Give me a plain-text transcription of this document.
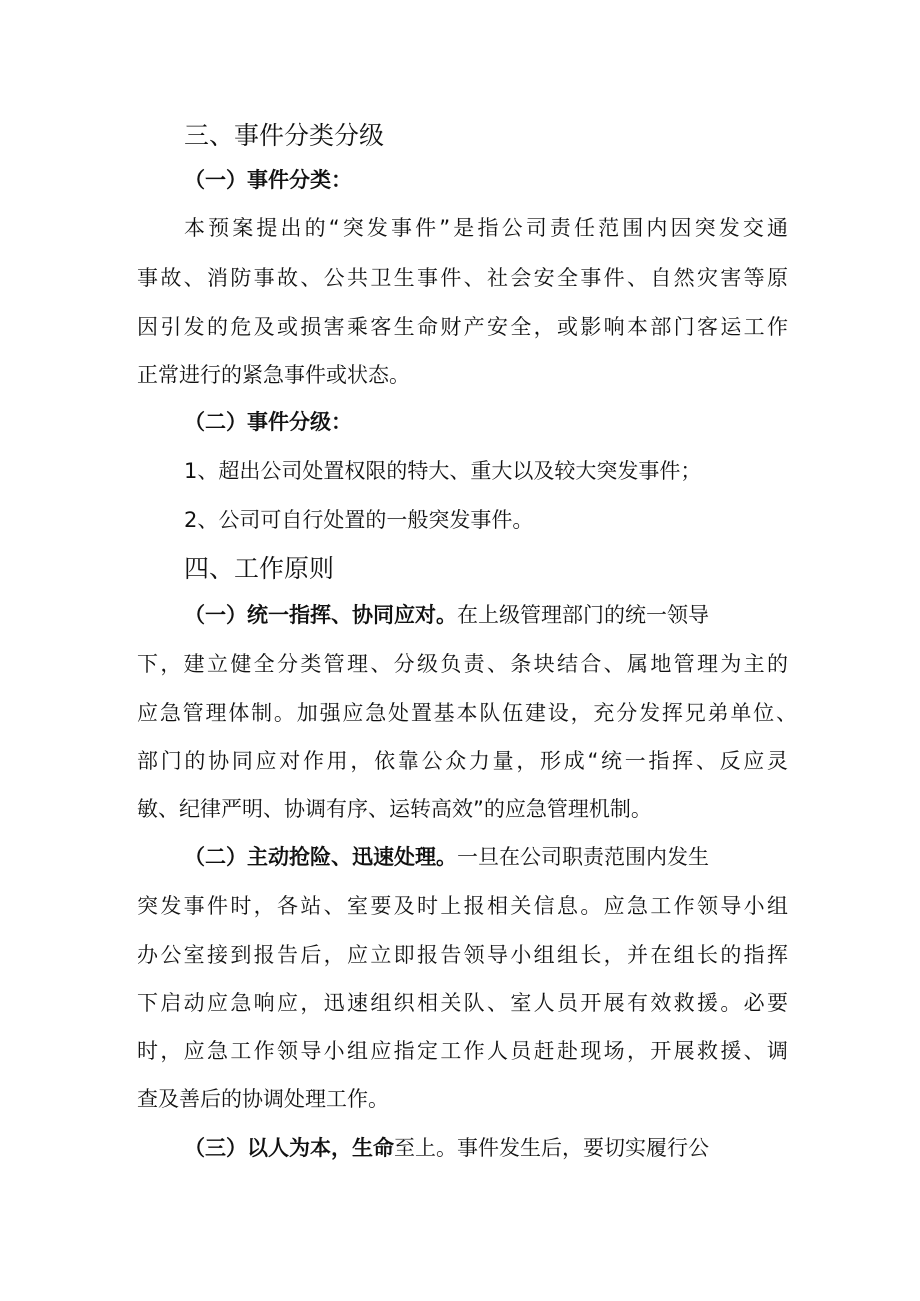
三、事件分类分级
（一）事件分类：
本预案提出的“突发事件”是指公司责任范围内因突发交通
事故、消防事故、公共卫生事件、社会安全事件、自然灾害等原
因引发的危及或损害乘客生命财产安全，或影响本部门客运工作
正常进行的紧急事件或状态。
（二）事件分级：
1、超出公司处置权限的特大、重大以及较大突发事件；
2、公司可自行处置的一般突发事件。
四、工作原则
（一）统一指挥、协同应对。在上级管理部门的统一领导
下，建立健全分类管理、分级负责、条块结合、属地管理为主的
应急管理体制。加强应急处置基本队伍建设，充分发挥兄弟单位、
部门的协同应对作用，依靠公众力量，形成“统一指挥、反应灵
敏、纪律严明、协调有序、运转高效”的应急管理机制。
（二）主动抢险、迅速处理。一旦在公司职责范围内发生
突发事件时，各站、室要及时上报相关信息。应急工作领导小组
办公室接到报告后，应立即报告领导小组组长，并在组长的指挥
下启动应急响应，迅速组织相关队、室人员开展有效救援。必要
时，应急工作领导小组应指定工作人员赶赴现场，开展救援、调
查及善后的协调处理工作。
（三）以人为本，生命至上。事件发生后，要切实履行公
